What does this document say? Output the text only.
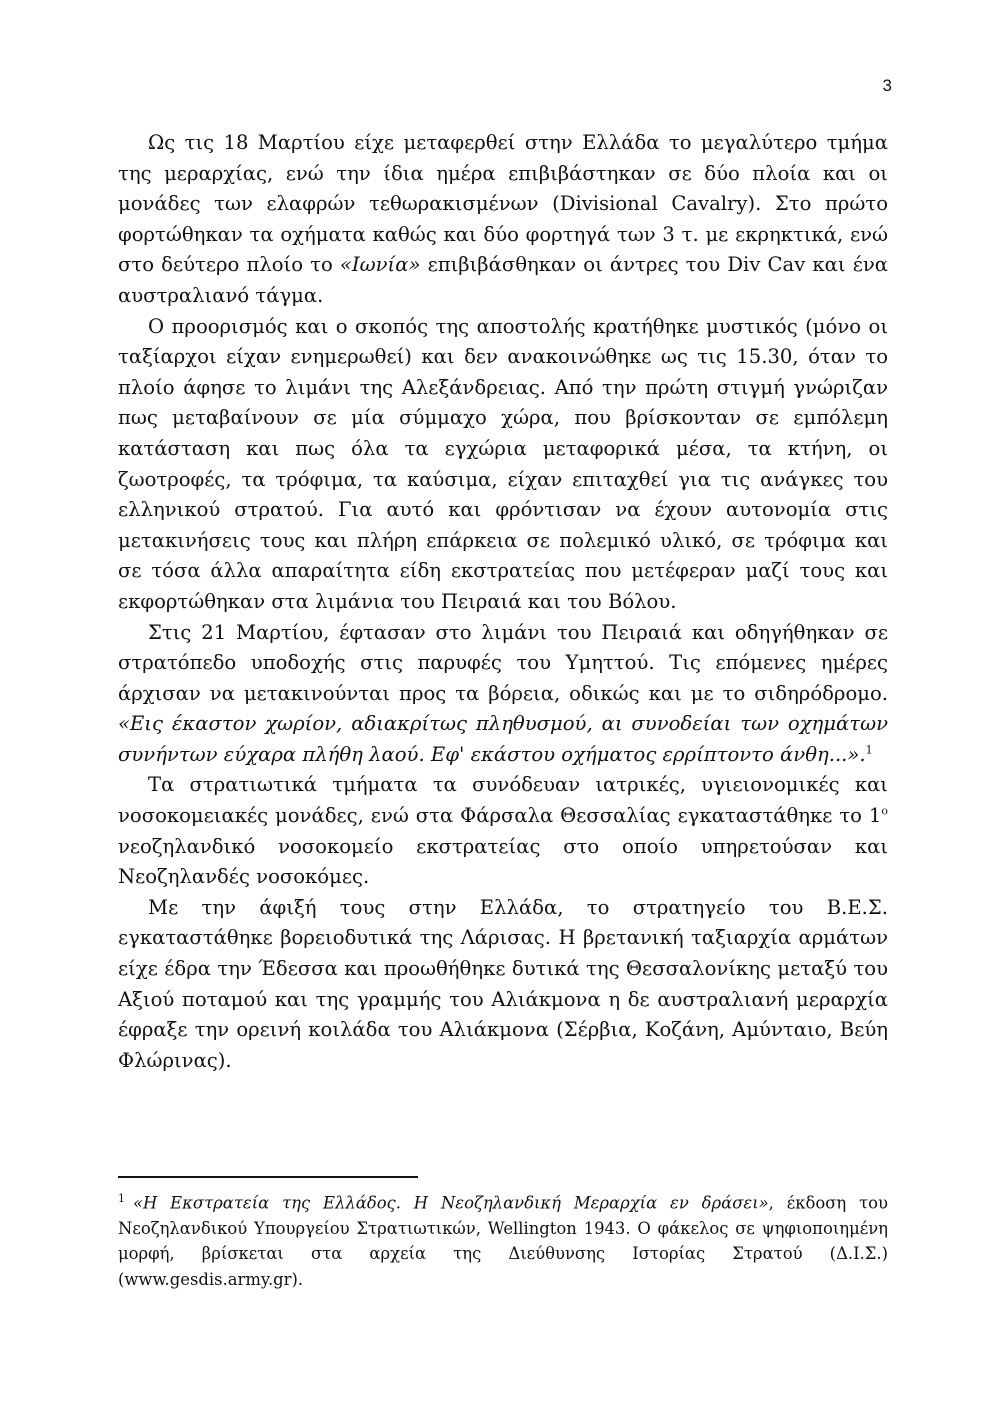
3

Ως τις 18 Μαρτίου είχε μεταφερθεί στην Ελλάδα το μεγαλύτερο τμήμα της μεραρχίας, ενώ την ίδια ημέρα επιβιβάστηκαν σε δύο πλοία και οι μονάδες των ελαφρών τεθωρακισμένων (Divisional Cavalry). Στο πρώτο φορτώθηκαν τα οχήματα καθώς και δύο φορτηγά των 3 τ. με εκρηκτικά, ενώ στο δεύτερο πλοίο το «Ιωνία» επιβιβάσθηκαν οι άντρες του Div Cav και ένα αυστραλιανό τάγμα.

Ο προορισμός και ο σκοπός της αποστολής κρατήθηκε μυστικός (μόνο οι ταξίαρχοι είχαν ενημερωθεί) και δεν ανακοινώθηκε ως τις 15.30, όταν το πλοίο άφησε το λιμάνι της Αλεξάνδρειας. Από την πρώτη στιγμή γνώριζαν πως μεταβαίνουν σε μία σύμμαχο χώρα, που βρίσκονταν σε εμπόλεμη κατάσταση και πως όλα τα εγχώρια μεταφορικά μέσα, τα κτήνη, οι ζωοτροφές, τα τρόφιμα, τα καύσιμα, είχαν επιταχθεί για τις ανάγκες του ελληνικού στρατού. Για αυτό και φρόντισαν να έχουν αυτονομία στις μετακινήσεις τους και πλήρη επάρκεια σε πολεμικό υλικό, σε τρόφιμα και σε τόσα άλλα απαραίτητα είδη εκστρατείας που μετέφεραν μαζί τους και εκφορτώθηκαν στα λιμάνια του Πειραιά και του Βόλου.

Στις 21 Μαρτίου, έφτασαν στο λιμάνι του Πειραιά και οδηγήθηκαν σε στρατόπεδο υποδοχής στις παρυφές του Υμηττού. Τις επόμενες ημέρες άρχισαν να μετακινούνται προς τα βόρεια, οδικώς και με το σιδηρόδρομο. «Εις έκαστον χωρίον, αδιακρίτως πληθυσμού, αι συνοδείαι των οχημάτων συνήντων εύχαρα πλήθη λαού. Εφ' εκάστου οχήματος ερρίπτοντο άνθη...».$^1$

Τα στρατιωτικά τμήματα τα συνόδευαν ιατρικές, υγιειονομικές και νοσοκομειακές μονάδες, ενώ στα Φάρσαλα Θεσσαλίας εγκαταστάθηκε το $1^o$ νεοζηλανδικό νοσοκομείο εκστρατείας στο οποίο υπηρετούσαν και Νεοζηλανδές νοσοκόμες.

Με την άφιξή τους στην Ελλάδα, το στρατηγείο του Β.Ε.Σ. εγκαταστάθηκε βορειοδυτικά της Λάρισας. Η βρετανική ταξιαρχία αρμάτων είχε έδρα την Έδεσσα και προωθήθηκε δυτικά της Θεσσαλονίκης μεταξύ του Αξιού ποταμού και της γραμμής του Αλιάκμονα η δε αυστραλιανή μεραρχία έφραξε την ορεινή κοιλάδα του Αλιάκμονα (Σέρβια, Κοζάνη, Αμύνταιο, Βεύη Φλώρινας).

$^1$ «Η Εκστρατεία της Ελλάδος. Η Νεοζηλανδική Μεραρχία εν δράσει», έκδοση του Νεοζηλανδικού Υπουργείου Στρατιωτικών, Wellington 1943. Ο φάκελος σε ψηφιοποιημένη μορφή, βρίσκεται στα αρχεία της Διεύθυνσης Ιστορίας Στρατού (Δ.Ι.Σ.) (www.gesdis.army.gr).
